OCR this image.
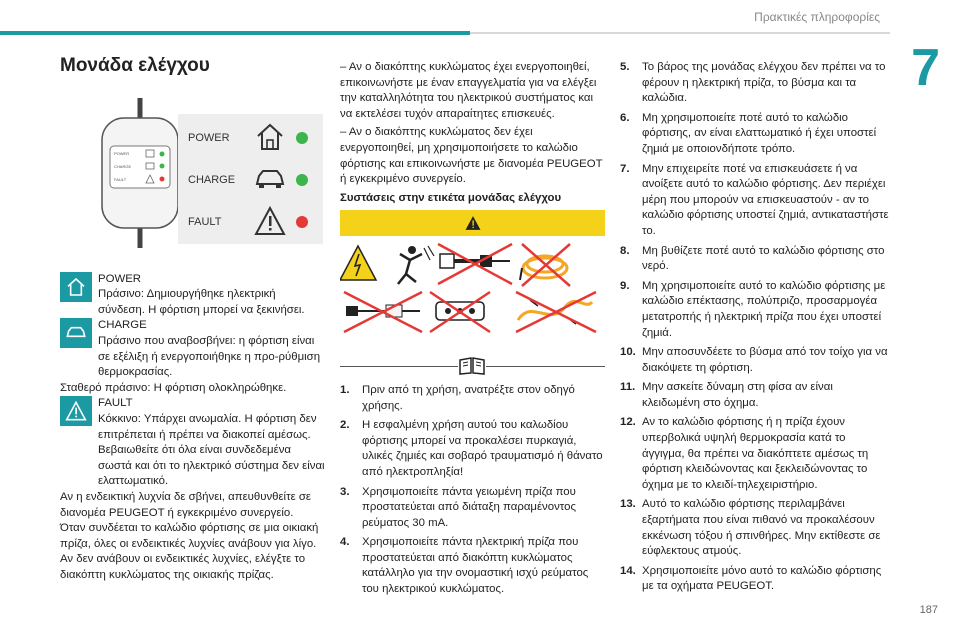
Πρακτικές πληροφορίες
7
Μονάδα ελέγχου
POWER
CHARGE
FAULT
POWER
CHARGE
FAULT
POWER

Πράσινο: Δημιουργήθηκε ηλεκτρική σύνδεση. Η φόρτιση μπορεί να ξεκινήσει.

CHARGE

Πράσινο που αναβοσβήνει: η φόρτιση είναι σε εξέλιξη ή ενεργοποιήθηκε η προ-ρύθμιση θερμοκρασίας.

Σταθερό πράσινο: Η φόρτιση ολοκληρώθηκε.

FAULT

Κόκκινο: Υπάρχει ανωμαλία. Η φόρτιση δεν επιτρέπεται ή πρέπει να διακοπεί αμέσως. Βεβαιωθείτε ότι όλα είναι συνδεδεμένα σωστά και ότι το ηλεκτρικό σύστημα δεν είναι ελαττωματικό.

Αν η ενδεικτική λυχνία δε σβήνει, απευθυνθείτε σε διανομέα PEUGEOT ή εγκεκριμένο συνεργείο.

Όταν συνδέεται το καλώδιο φόρτισης σε μια οικιακή πρίζα, όλες οι ενδεικτικές λυχνίες ανάβουν για λίγο. Αν δεν ανάβουν οι ενδεικτικές λυχνίες, ελέγξτε το διακόπτη κυκλώματος της οικιακής πρίζας.

– Αν ο διακόπτης κυκλώματος έχει ενεργοποιηθεί, επικοινωνήστε με έναν επαγγελματία για να ελέγξει την καταλληλότητα του ηλεκτρικού συστήματος και να εκτελέσει τυχόν απαραίτητες επισκευές.

– Αν ο διακόπτης κυκλώματος δεν έχει ενεργοποιηθεί, μη χρησιμοποιήσετε το καλώδιο φόρτισης και επικοινωνήστε με διανομέα PEUGEOT ή εγκεκριμένο συνεργείο.

Συστάσεις στην ετικέτα μονάδας ελέγχου
1. Πριν από τη χρήση, ανατρέξτε στον οδηγό χρήσης.
2. Η εσφαλμένη χρήση αυτού του καλωδίου φόρτισης μπορεί να προκαλέσει πυρκαγιά, υλικές ζημιές και σοβαρό τραυματισμό ή θάνατο από ηλεκτροπληξία!
3. Χρησιμοποιείτε πάντα γειωμένη πρίζα που προστατεύεται από διάταξη παραμένοντος ρεύματος 30 mA.
4. Χρησιμοποιείτε πάντα ηλεκτρική πρίζα που προστατεύεται από διακόπτη κυκλώματος κατάλληλο για την ονομαστική ισχύ ρεύματος του ηλεκτρικού κυκλώματος.
5. Το βάρος της μονάδας ελέγχου δεν πρέπει να το φέρουν η ηλεκτρική πρίζα, το βύσμα και τα καλώδια.
6. Μη χρησιμοποιείτε ποτέ αυτό το καλώδιο φόρτισης, αν είναι ελαττωματικό ή έχει υποστεί ζημιά με οποιονδήποτε τρόπο.
7. Μην επιχειρείτε ποτέ να επισκευάσετε ή να ανοίξετε αυτό το καλώδιο φόρτισης. Δεν περιέχει μέρη που μπορούν να επισκευαστούν - αν το καλώδιο φόρτισης υποστεί ζημιά, αντικαταστήστε το.
8. Μη βυθίζετε ποτέ αυτό το καλώδιο φόρτισης στο νερό.
9. Μη χρησιμοποιείτε αυτό το καλώδιο φόρτισης με καλώδιο επέκτασης, πολύπριζο, προσαρμογέα μετατροπής ή ηλεκτρική πρίζα που έχει υποστεί ζημιά.
10. Μην αποσυνδέετε το βύσμα από τον τοίχο για να διακόψετε τη φόρτιση.
11. Μην ασκείτε δύναμη στη φίσα αν είναι κλειδωμένη στο όχημα.
12. Αν το καλώδιο φόρτισης ή η πρίζα έχουν υπερβολικά υψηλή θερμοκρασία κατά το άγγιγμα, θα πρέπει να διακόπτετε αμέσως τη φόρτιση κλειδώνοντας και ξεκλειδώνοντας το όχημα με το κλειδί-τηλεχειριστήριο.
13. Αυτό το καλώδιο φόρτισης περιλαμβάνει εξαρτήματα που είναι πιθανό να προκαλέσουν εκκένωση τόξου ή σπινθήρες. Μην εκτίθεστε σε εύφλεκτους ατμούς.
14. Χρησιμοποιείτε μόνο αυτό το καλώδιο φόρτισης με τα οχήματα PEUGEOT.
187
